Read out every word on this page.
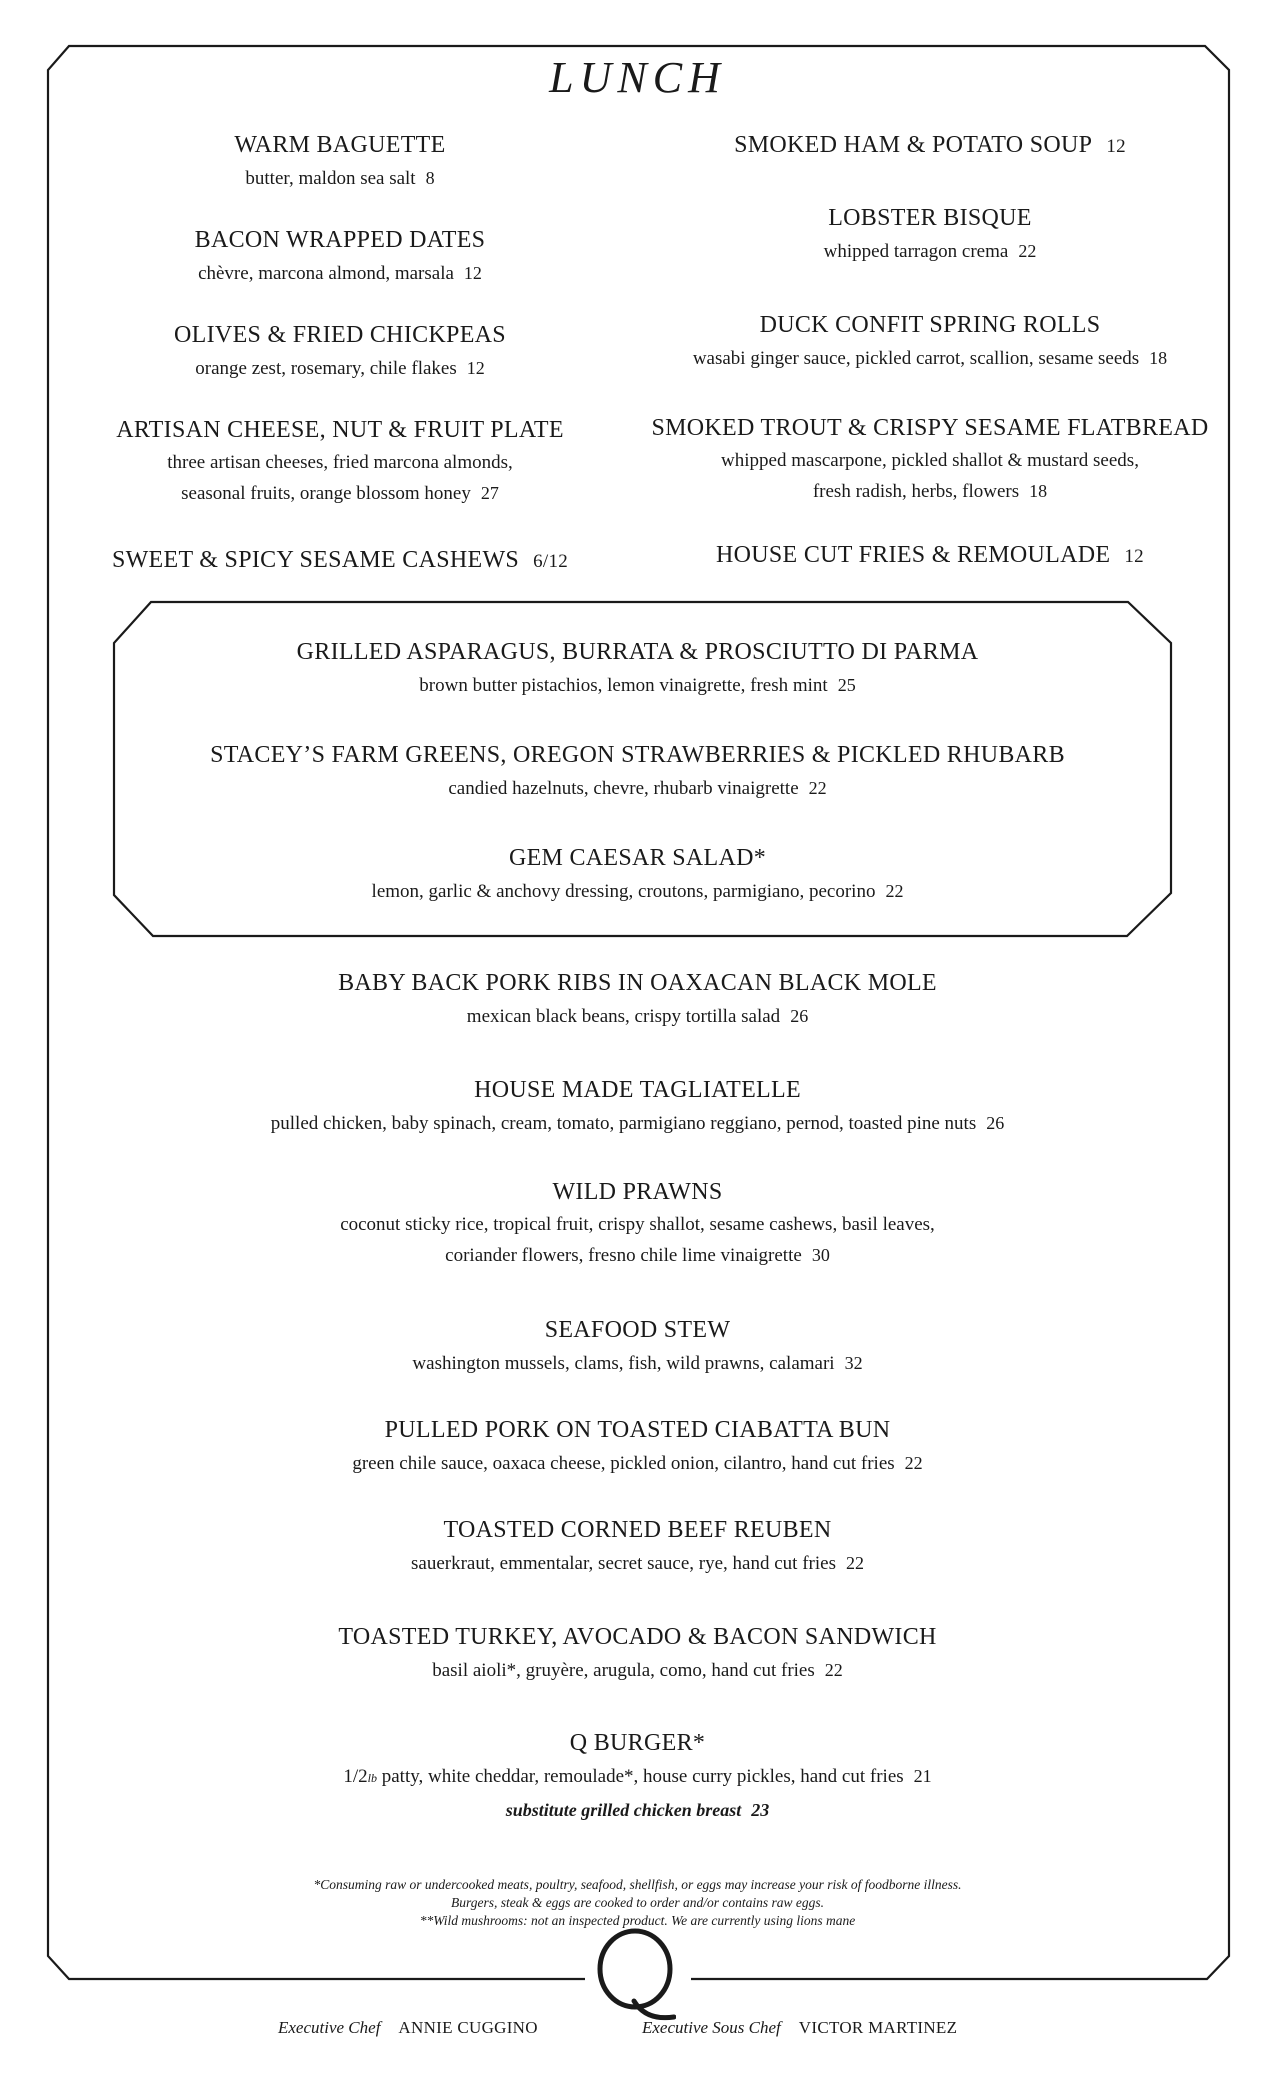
LUNCH
WARM BAGUETTE
butter, maldon sea salt 8
BACON WRAPPED DATES
chèvre, marcona almond, marsala 12
OLIVES & FRIED CHICKPEAS
orange zest, rosemary, chile flakes 12
ARTISAN CHEESE, NUT & FRUIT PLATE
three artisan cheeses, fried marcona almonds,
seasonal fruits, orange blossom honey 27
SWEET & SPICY SESAME CASHEWS 6/12
SMOKED HAM & POTATO SOUP 12
LOBSTER BISQUE
whipped tarragon crema 22
DUCK CONFIT SPRING ROLLS
wasabi ginger sauce, pickled carrot, scallion, sesame seeds 18
SMOKED TROUT & CRISPY SESAME FLATBREAD
whipped mascarpone, pickled shallot & mustard seeds,
fresh radish, herbs, flowers 18
HOUSE CUT FRIES & REMOULADE 12
GRILLED ASPARAGUS, BURRATA & PROSCIUTTO DI PARMA
brown butter pistachios, lemon vinaigrette, fresh mint 25
STACEY’S FARM GREENS, OREGON STRAWBERRIES & PICKLED RHUBARB
candied hazelnuts, chevre, rhubarb vinaigrette 22
GEM CAESAR SALAD*
lemon, garlic & anchovy dressing, croutons, parmigiano, pecorino 22
BABY BACK PORK RIBS IN OAXACAN BLACK MOLE
mexican black beans, crispy tortilla salad 26
HOUSE MADE TAGLIATELLE
pulled chicken, baby spinach, cream, tomato, parmigiano reggiano, pernod, toasted pine nuts 26
WILD PRAWNS
coconut sticky rice, tropical fruit, crispy shallot, sesame cashews, basil leaves,
coriander flowers, fresno chile lime vinaigrette 30
SEAFOOD STEW
washington mussels, clams, fish, wild prawns, calamari 32
PULLED PORK ON TOASTED CIABATTA BUN
green chile sauce, oaxaca cheese, pickled onion, cilantro, hand cut fries 22
TOASTED CORNED BEEF REUBEN
sauerkraut, emmentalar, secret sauce, rye, hand cut fries 22
TOASTED TURKEY, AVOCADO & BACON SANDWICH
basil aioli*, gruyère, arugula, como, hand cut fries 22
Q BURGER*
1/2lb patty, white cheddar, remoulade*, house curry pickles, hand cut fries 21
substitute grilled chicken breast 23
*Consuming raw or undercooked meats, poultry, seafood, shellfish, or eggs may increase your risk of foodborne illness.
Burgers, steak & eggs are cooked to order and/or contains raw eggs.
**Wild mushrooms: not an inspected product. We are currently using lions mane
Executive Chef ANNIE CUGGINO	Executive Sous Chef VICTOR MARTINEZ
